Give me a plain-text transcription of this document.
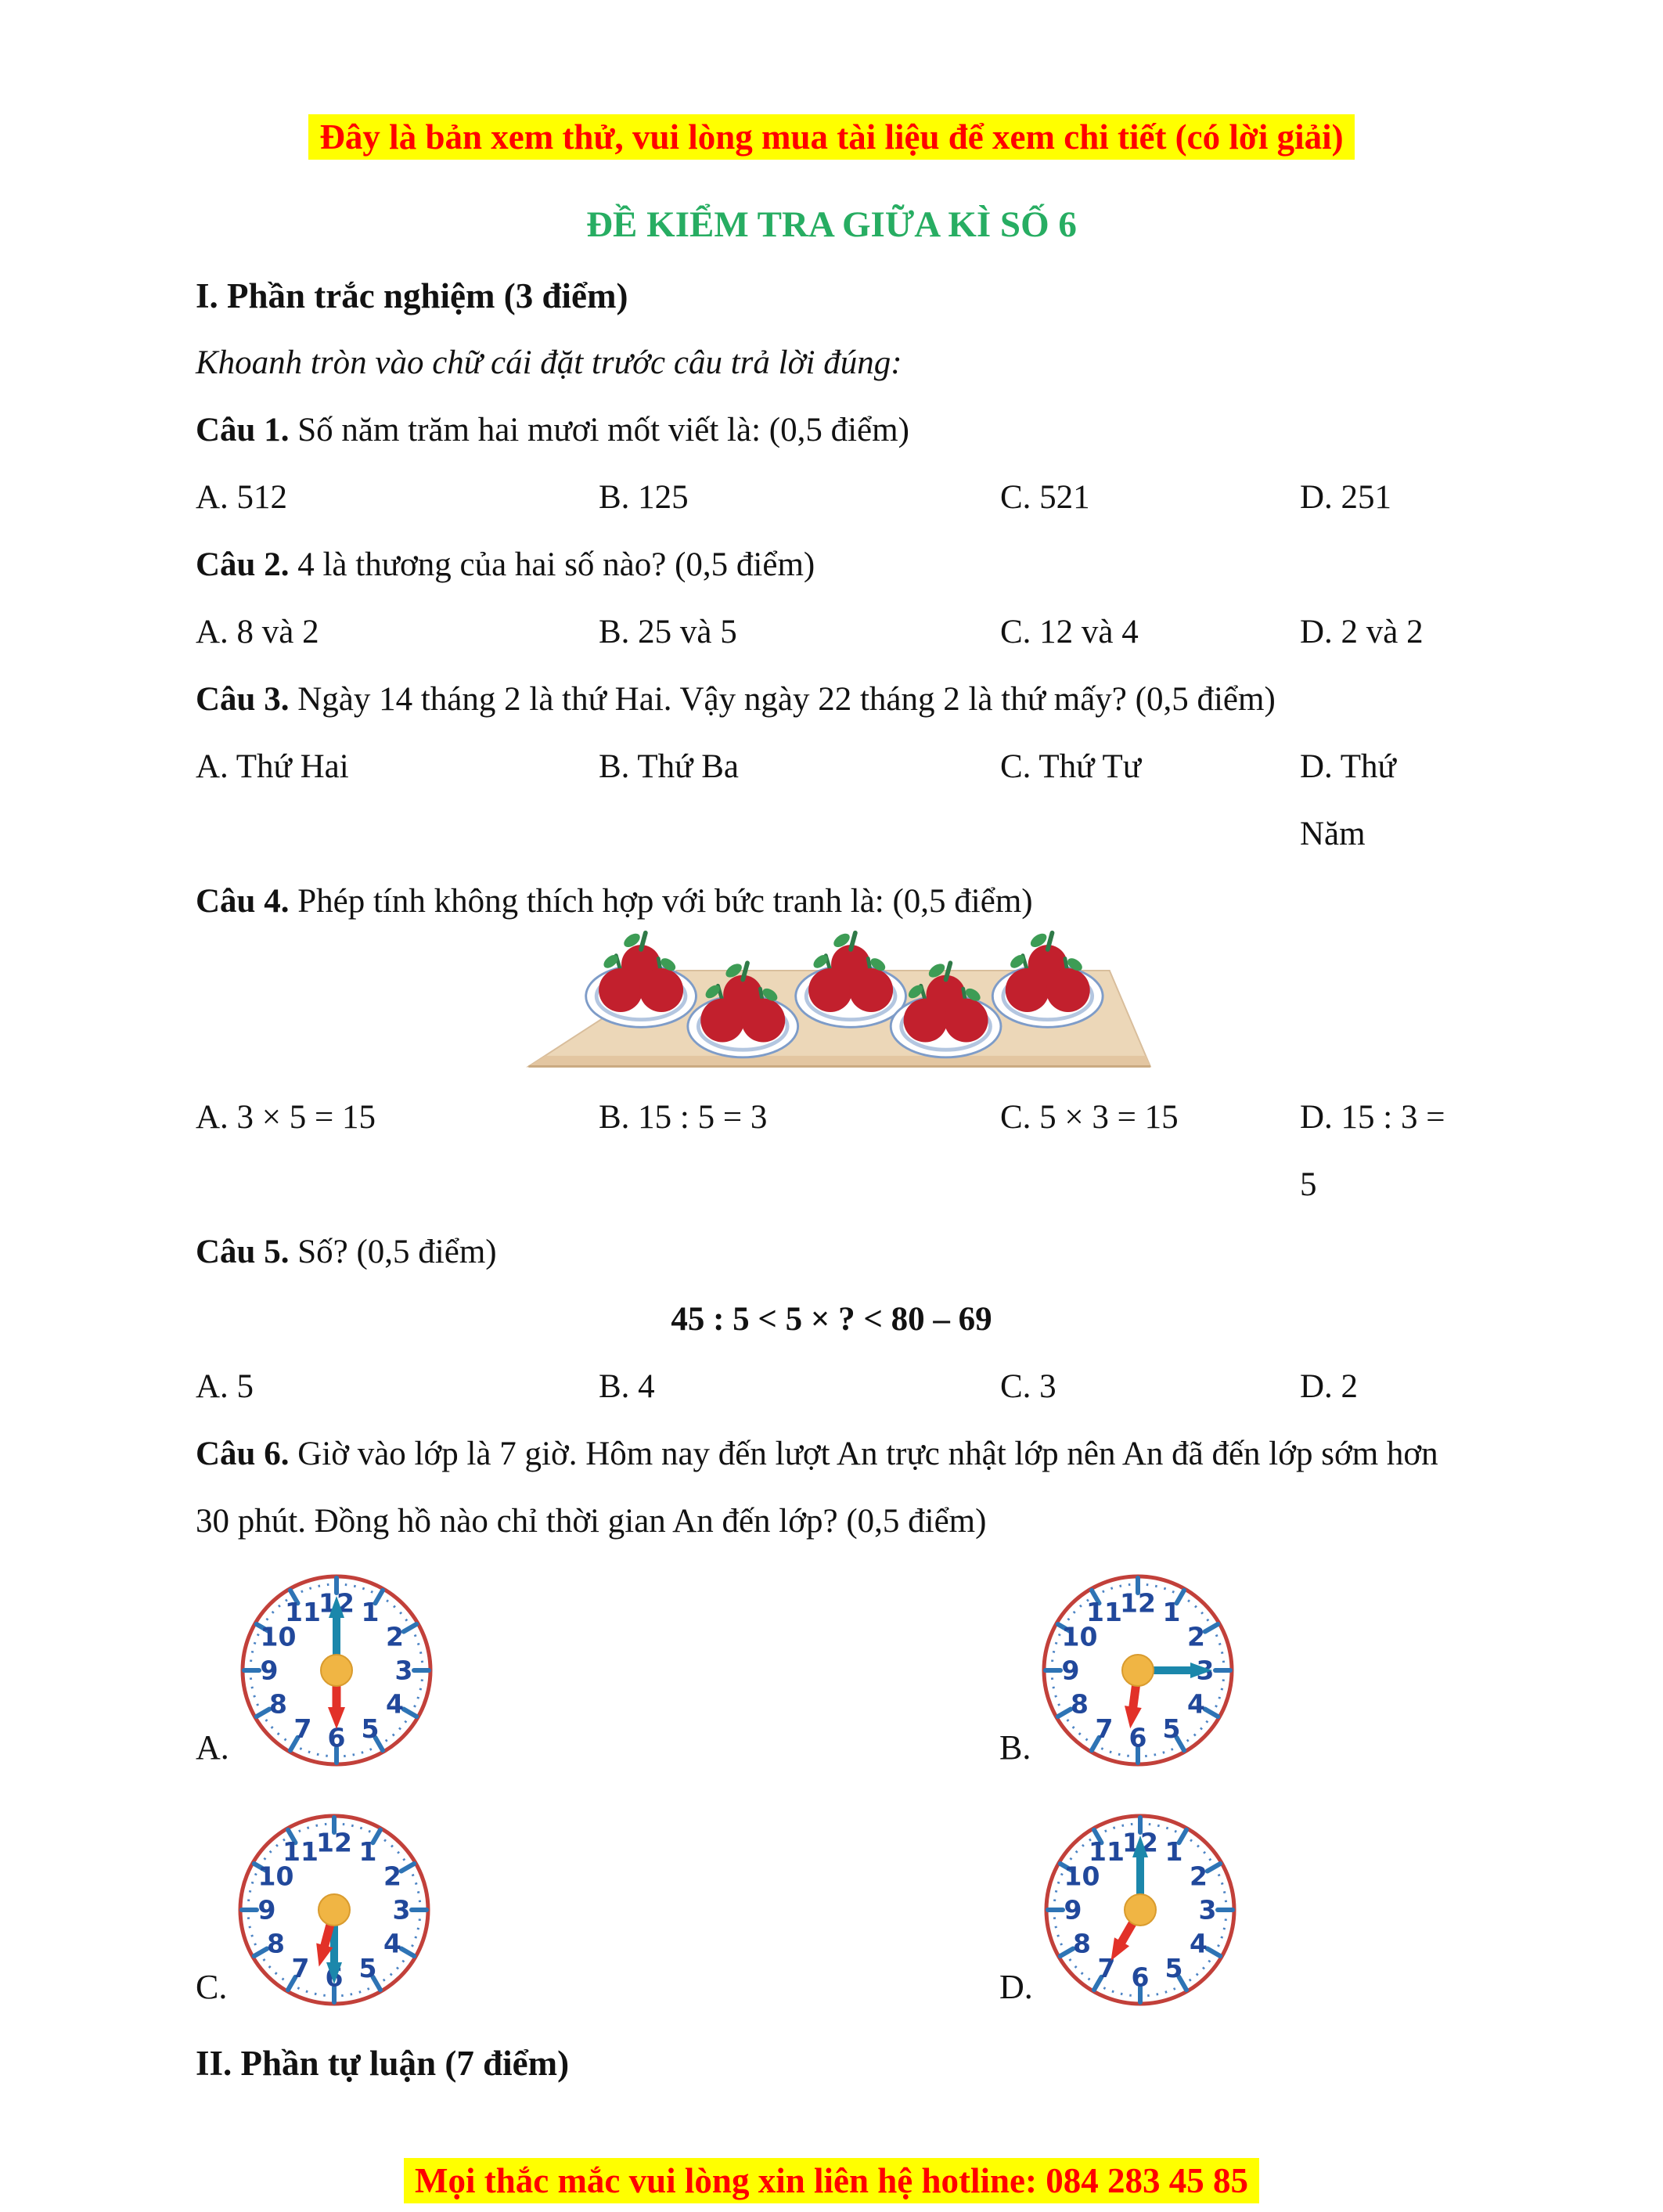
Đây là bản xem thử, vui lòng mua tài liệu để xem chi tiết (có lời giải)
ĐỀ KIỂM TRA GIỮA KÌ SỐ 6
I. Phần trắc nghiệm (3 điểm)
Khoanh tròn vào chữ cái đặt trước câu trả lời đúng:
Câu 1. Số năm trăm hai mươi mốt viết là: (0,5 điểm)
A. 512	B. 125	C. 521	D. 251
Câu 2. 4 là thương của hai số nào? (0,5 điểm)
A. 8 và 2	B. 25 và 5	C. 12 và 4	D. 2 và 2
Câu 3. Ngày 14 tháng 2 là thứ Hai. Vậy ngày 22 tháng 2 là thứ mấy? (0,5 điểm)
A. Thứ Hai	B. Thứ Ba	C. Thứ Tư	D. Thứ Năm
Câu 4. Phép tính không thích hợp với bức tranh là: (0,5 điểm)
A. 3 × 5 = 15	B. 15 : 5 = 3	C. 5 × 3 = 15	D. 15 : 3 = 5
Câu 5. Số? (0,5 điểm)
45 : 5 < 5 × ? < 80 – 69
A. 5	B. 4	C. 3	D. 2
Câu 6. Giờ vào lớp là 7 giờ. Hôm nay đến lượt An trực nhật lớp nên An đã đến lớp sớm hơn 30 phút. Đồng hồ nào chỉ thời gian An đến lớp? (0,5 điểm)
A.	B.
C.	D.
II. Phần tự luận (7 điểm)
Mọi thắc mắc vui lòng xin liên hệ hotline: 084 283 45 85
